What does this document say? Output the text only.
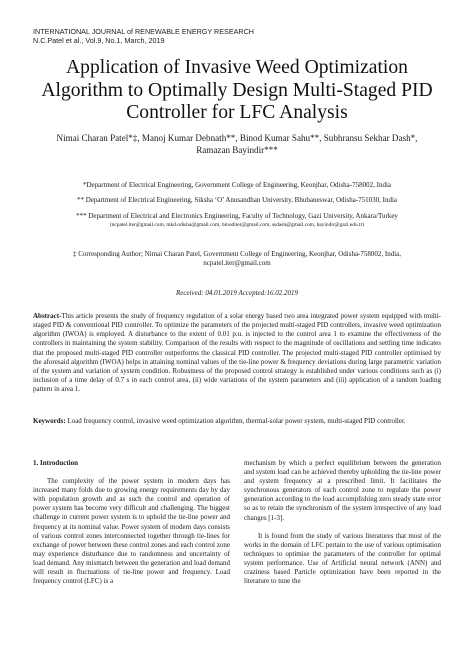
INTERNATIONAL JOURNAL of RENEWABLE ENERGY RESEARCH
N.C.Patel et al., Vol.9, No.1, March, 2019
Application of Invasive Weed Optimization
Algorithm to Optimally Design Multi-Staged PID
Controller for LFC Analysis
Nimai Charan Patel*‡, Manoj Kumar Debnath**, Binod Kumar Sahu**, Subhransu Sekhar Dash*,
Ramazan Bayindir***

*Department of Electrical Engineering, Government College of Engineering, Keonjhar, Odisha-758002, India

** Department of Electrical Engineering, Siksha ‘O’ Anusandhan University, Bhubaneswar, Odisha-751030, India

*** Department of Electrical and Electronics Engineering, Faculty of Technology, Gazi University, Ankara/Turkey

(ncpatel.iter@gmail.com, mkd.odisha@gmail.com, binoditer@gmail.com, ssdash@gmail.com, bayindir@gazi.edu.tr)

‡ Corresponding Author; Nimai Charan Patel, Government College of Engineering, Keonjhar, Odisha-758002, India,
ncpatel.iter@gmail.com
Received: 04.01.2019 Accepted:16.02.2019
Abstract-This article presents the study of frequency regulation of a solar energy based two area integrated power system equipped with multi-staged PID & conventional PID controller. To optimize the parameters of the projected multi-staged PID controllers, invasive weed optimization algorithm (IWOA) is employed. A disturbance to the extent of 0.01 p.u. is injected to the control area 1 to examine the effectiveness of the controllers in maintaining the system stability. Comparison of the results with respect to the magnitude of oscillations and settling time indicates that the proposed multi-staged PID controller outperforms the classical PID controller. The projected multi-staged PID controller optimised by the aforesaid algorithm (IWOA) helps in attaining nominal values of the tie-line power & frequency deviations during large parametric variation of the system and variation of system condition. Robustness of the proposed control strategy is established under various conditions such as (i) inclusion of a time delay of 0.7 s in each control area, (ii) wide variations of the system parameters and (iii) application of a random loading pattern in area 1.
Keywords: Load frequency control, invasive weed optimization algorithm, thermal-solar power system, multi-staged PID controller.
1. Introduction

The complexity of the power system in modern days has increased many folds due to growing energy requirements day by day with population growth and as such the control and operation of power system has become very difficult and challenging. The biggest challenge in current power system is to uphold the tie-line power and frequency at its nominal value. Power system of modern days consists of various control zones interconnected together through tie-lines for exchange of power between these control zones and each control zone may experience disturbance due to randomness and uncertainty of load demand. Any mismatch between the generation and load demand will result in fluctuations of tie-line power and frequency. Load frequency control (LFC) is a

mechanism by which a perfect equilibrium between the generation and system load can be achieved thereby upholding the tie-line power and system frequency at a prescribed limit. It facilitates the synchronous generators of each control zone to regulate the power generation according to the load accomplishing zero steady state error so as to retain the synchronism of the system irrespective of any load changes [1-3].

It is found from the study of various literatures that most of the works in the domain of LFC pertain to the use of various optimisation techniques to optimise the parameters of the controller for optimal system performance. Use of Artificial neural network (ANN) and craziness based Particle optimization have been reported in the literature to tune the
